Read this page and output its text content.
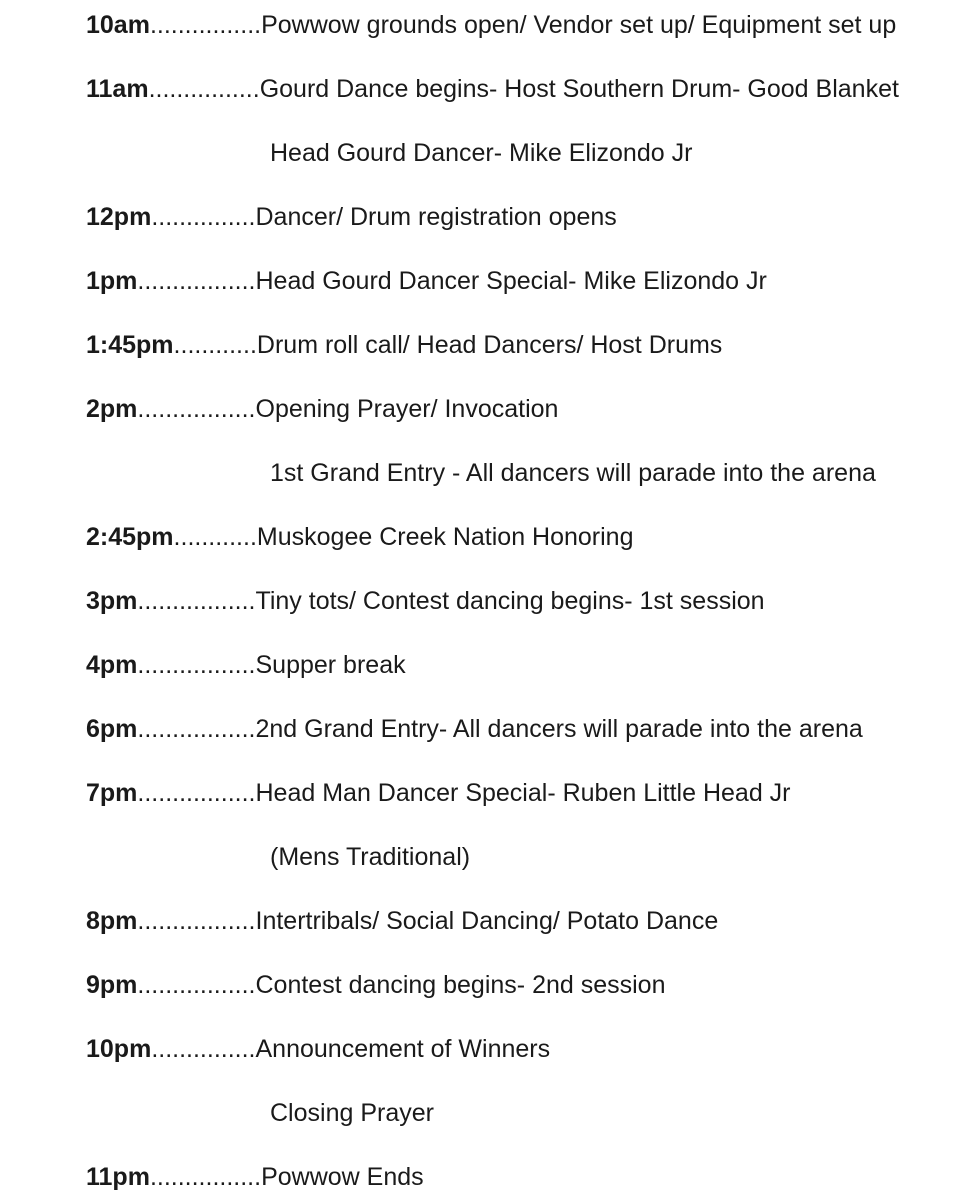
10am................Powwow grounds open/ Vendor set up/ Equipment set up
11am................Gourd Dance begins- Host Southern Drum- Good Blanket
Head Gourd Dancer- Mike Elizondo Jr
12pm...............Dancer/ Drum registration opens
1pm.................Head Gourd Dancer Special- Mike Elizondo Jr
1:45pm............Drum roll call/ Head Dancers/ Host Drums
2pm.................Opening Prayer/ Invocation
1st Grand Entry - All dancers will parade into the arena
2:45pm............Muskogee Creek Nation Honoring
3pm.................Tiny tots/ Contest dancing begins- 1st session
4pm.................Supper break
6pm.................2nd Grand Entry- All dancers will parade into the arena
7pm.................Head Man Dancer Special- Ruben Little Head Jr
(Mens Traditional)
8pm.................Intertribals/ Social Dancing/ Potato Dance
9pm.................Contest dancing begins- 2nd session
10pm...............Announcement of Winners
Closing Prayer
11pm................Powwow Ends
